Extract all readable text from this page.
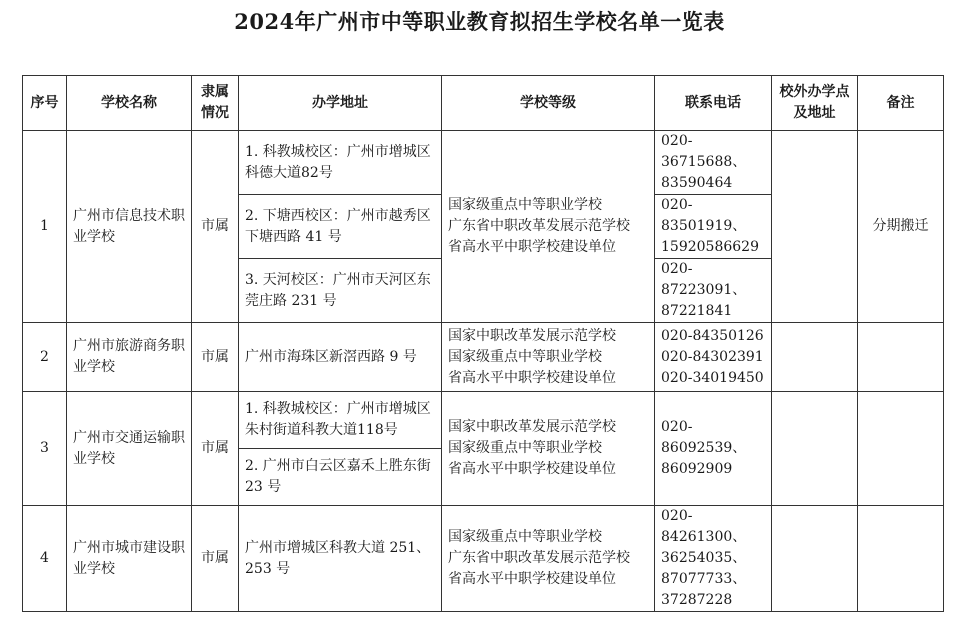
2024年广州市中等职业教育拟招生学校名单一览表
序号	学校名称	隶属情况	办学地址	学校等级	联系电话	校外办学点及地址	备注
1	广州市信息技术职业学校	市属	1. 科教城校区：广州市增城区科德大道82号	国家级重点中等职业学校
广东省中职改革发展示范学校
省高水平中职学校建设单位	020-36715688、83590464		分期搬迁
			2. 下塘西校区：广州市越秀区下塘西路 41 号		020-83501919、15920586629		
			3. 天河校区：广州市天河区东莞庄路 231 号		020-87223091、87221841		
2	广州市旅游商务职业学校	市属	广州市海珠区新滘西路 9 号	国家中职改革发展示范学校
国家级重点中等职业学校
省高水平中职学校建设单位	020-84350126
020-84302391
020-34019450		

3	广州市交通运输职业学校	市属	1. 科教城校区：广州市增城区朱村街道科教大道118号	国家中职改革发展示范学校
国家级重点中等职业学校
省高水平中职学校建设单位	020-86092539、86092909		
			2. 广州市白云区嘉禾上胜东街 23 号				
4	广州市城市建设职业学校	市属	广州市增城区科教大道 251、253 号	国家级重点中等职业学校
广东省中职改革发展示范学校
省高水平中职学校建设单位	020-84261300、36254035、87077733、37287228		
